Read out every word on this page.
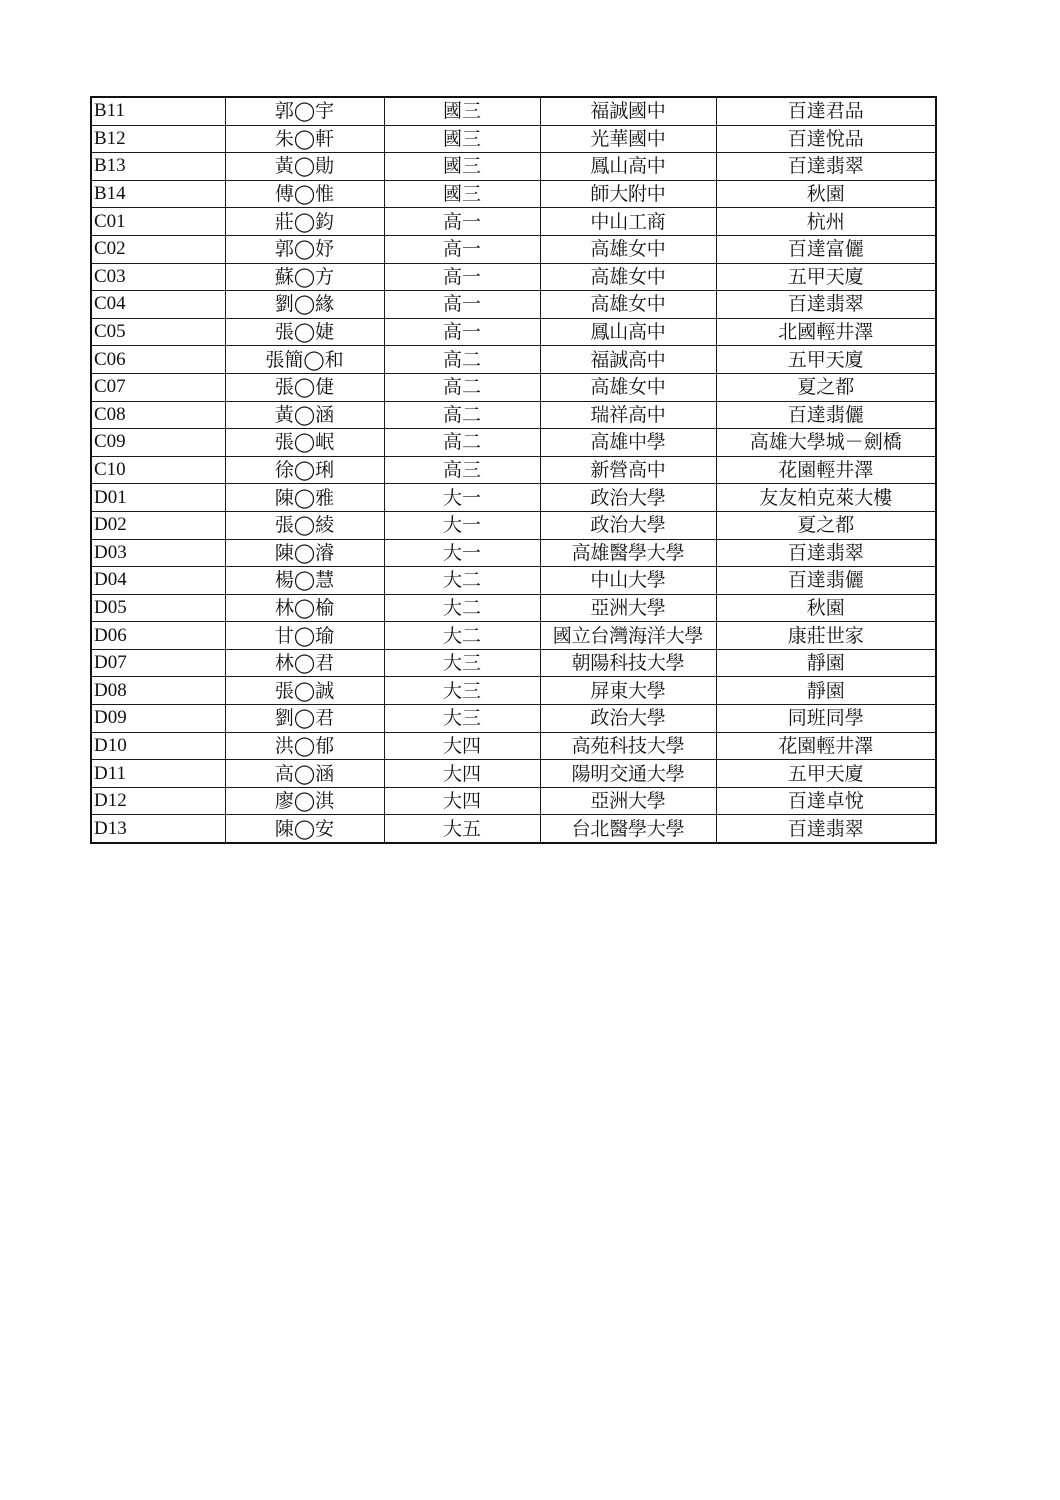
B11	郭◯宇	國三	福誠國中	百達君品
B12	朱◯軒	國三	光華國中	百達悅品
B13	黃◯勛	國三	鳳山高中	百達翡翠
B14	傅◯惟	國三	師大附中	秋園
C01	莊◯鈞	高一	中山工商	杭州
C02	郭◯妤	高一	高雄女中	百達富儷
C03	蘇◯方	高一	高雄女中	五甲天廈
C04	劉◯緣	高一	高雄女中	百達翡翠
C05	張◯婕	高一	鳳山高中	北國輕井澤
C06	張簡◯和	高二	福誠高中	五甲天廈
C07	張◯倢	高二	高雄女中	夏之都
C08	黃◯涵	高二	瑞祥高中	百達翡儷
C09	張◯岷	高二	高雄中學	高雄大學城－劍橋
C10	徐◯琍	高三	新營高中	花園輕井澤
D01	陳◯雅	大一	政治大學	友友柏克萊大樓
D02	張◯綾	大一	政治大學	夏之都
D03	陳◯濬	大一	高雄醫學大學	百達翡翠
D04	楊◯慧	大二	中山大學	百達翡儷
D05	林◯榆	大二	亞洲大學	秋園
D06	甘◯瑜	大二	國立台灣海洋大學	康莊世家
D07	林◯君	大三	朝陽科技大學	靜園
D08	張◯誠	大三	屏東大學	靜園
D09	劉◯君	大三	政治大學	同班同學
D10	洪◯郁	大四	高苑科技大學	花園輕井澤
D11	高◯涵	大四	陽明交通大學	五甲天廈
D12	廖◯淇	大四	亞洲大學	百達卓悅
D13	陳◯安	大五	台北醫學大學	百達翡翠
